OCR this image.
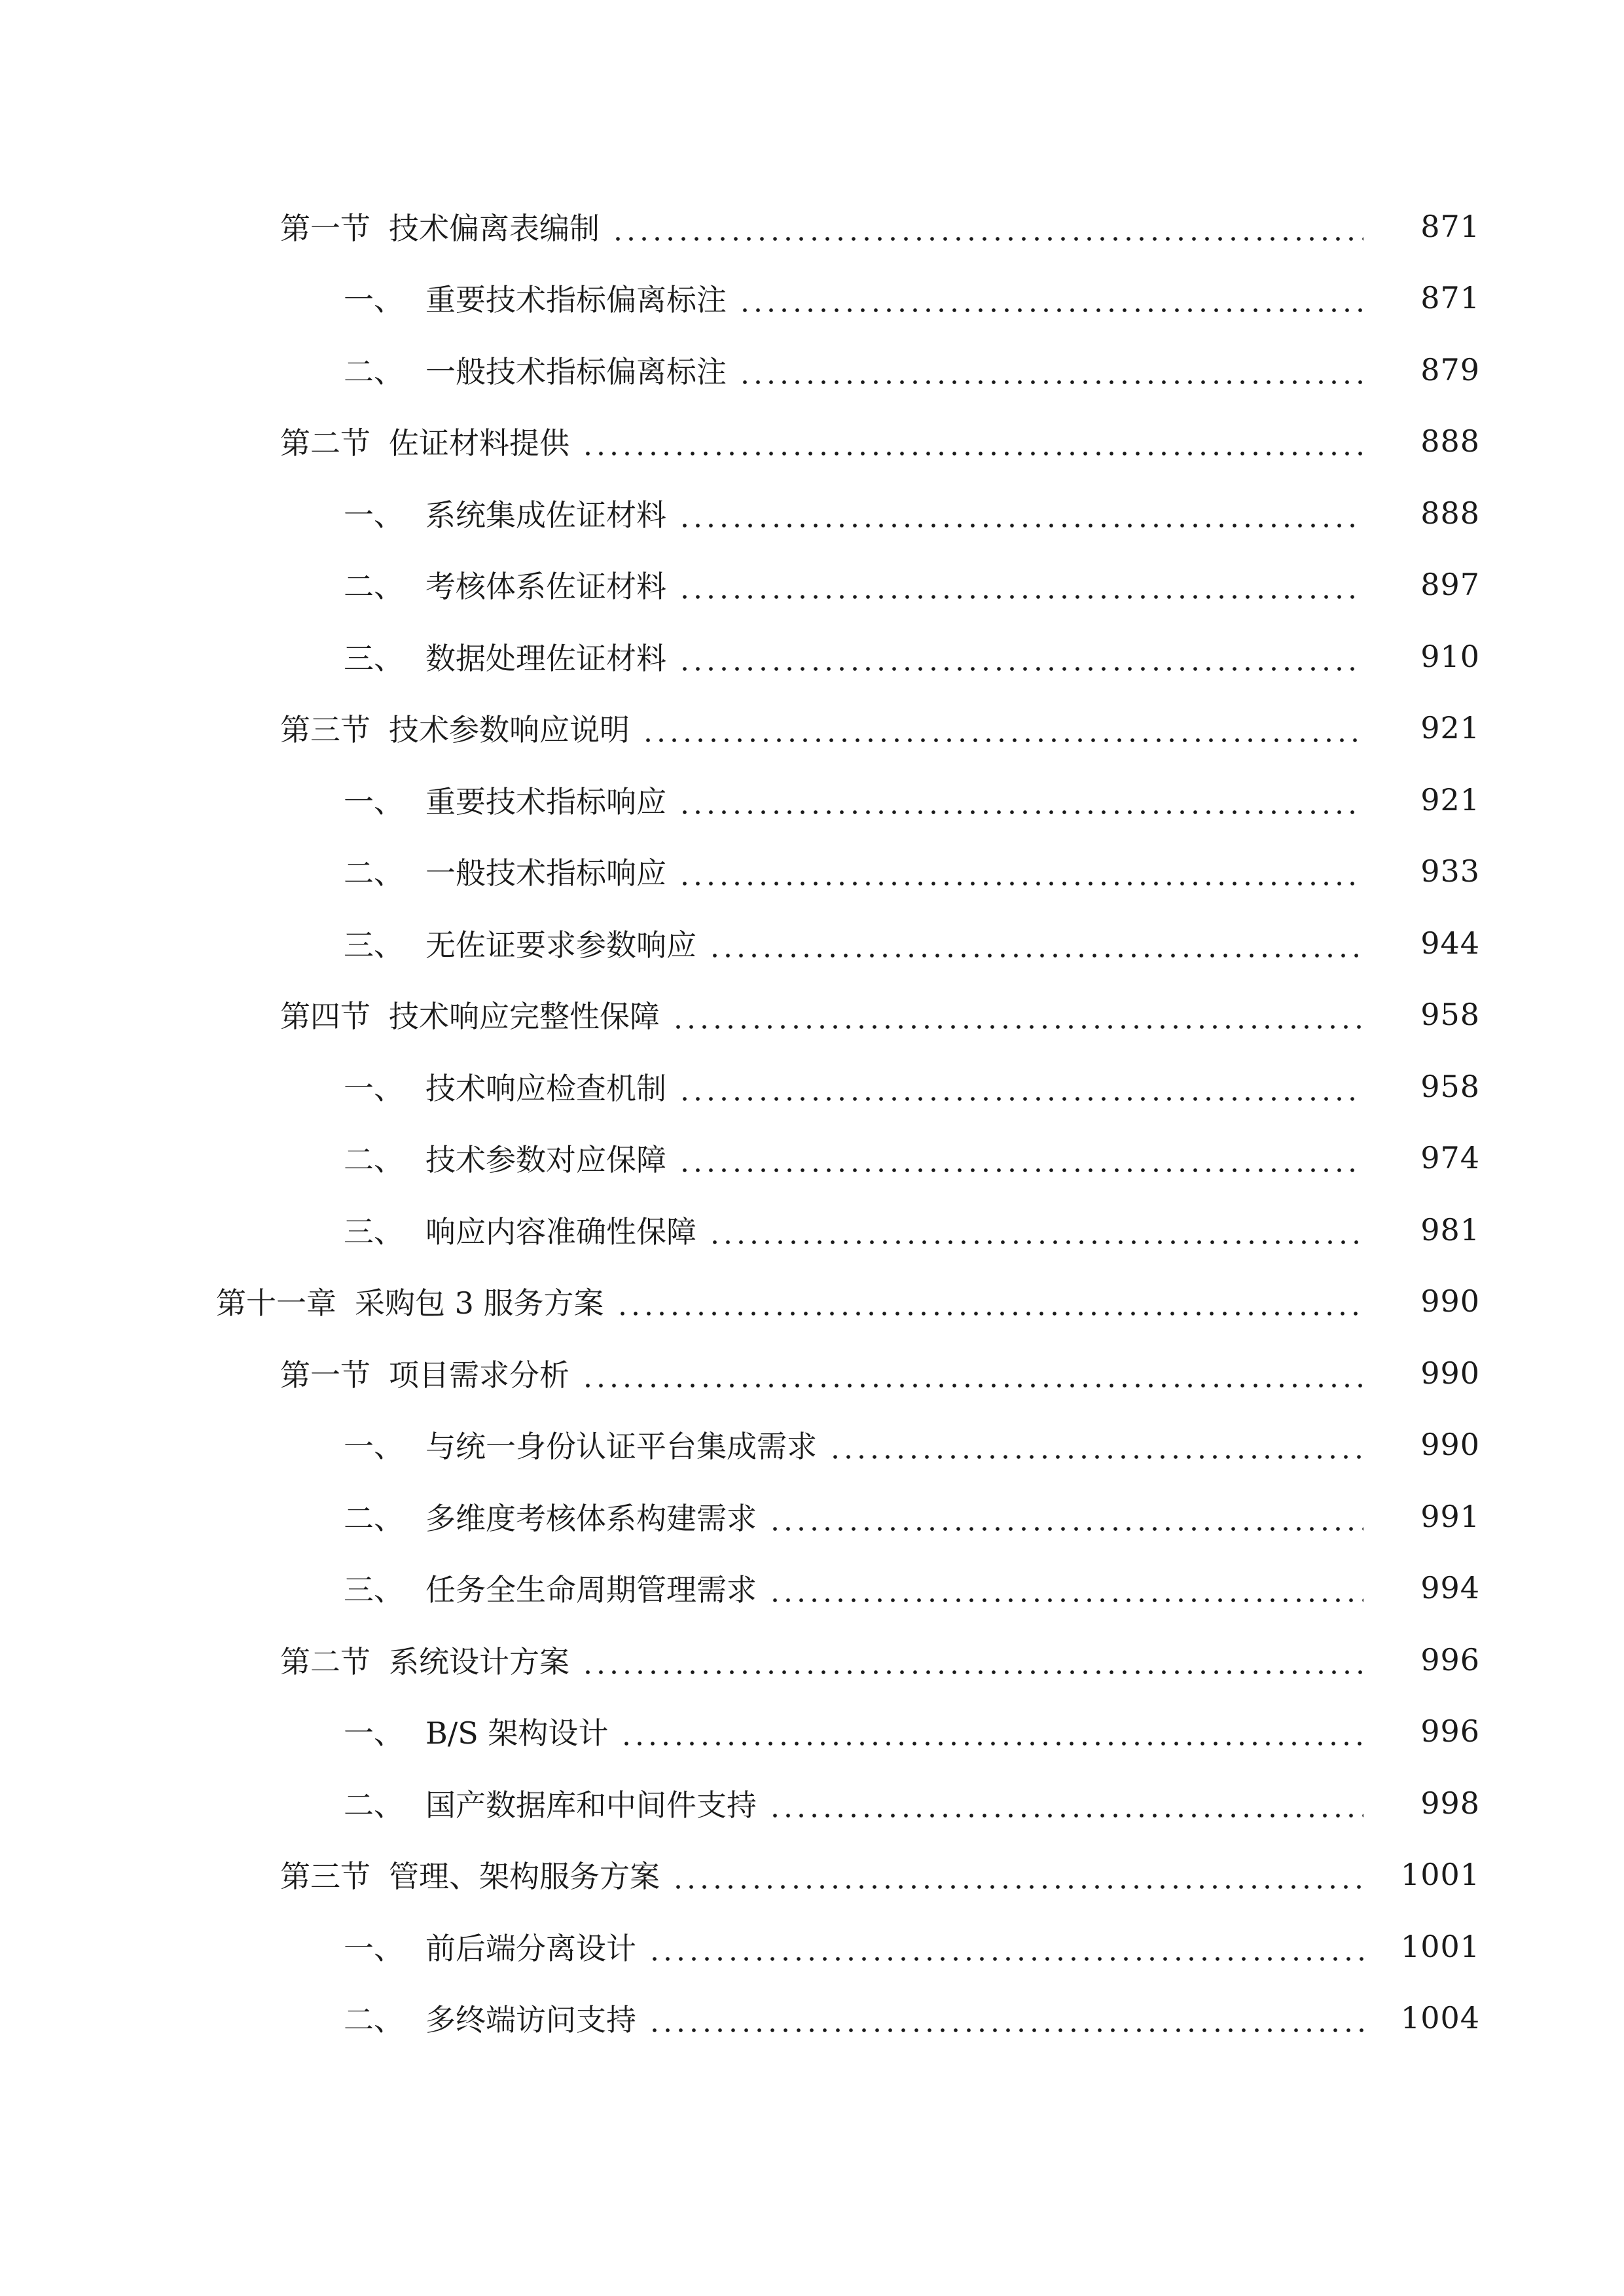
第一节 技术偏离表编制	871
一、 重要技术指标偏离标注	871
二、 一般技术指标偏离标注	879
第二节 佐证材料提供	888
一、 系统集成佐证材料	888
二、 考核体系佐证材料	897
三、 数据处理佐证材料	910
第三节 技术参数响应说明	921
一、 重要技术指标响应	921
二、 一般技术指标响应	933
三、 无佐证要求参数响应	944
第四节 技术响应完整性保障	958
一、 技术响应检查机制	958
二、 技术参数对应保障	974
三、 响应内容准确性保障	981
第十一章 采购包 3 服务方案	990
第一节 项目需求分析	990
一、 与统一身份认证平台集成需求	990
二、 多维度考核体系构建需求	991
三、 任务全生命周期管理需求	994
第二节 系统设计方案	996
一、 B/S 架构设计	996
二、 国产数据库和中间件支持	998
第三节 管理、架构服务方案	1001
一、 前后端分离设计	1001
二、 多终端访问支持	1004
